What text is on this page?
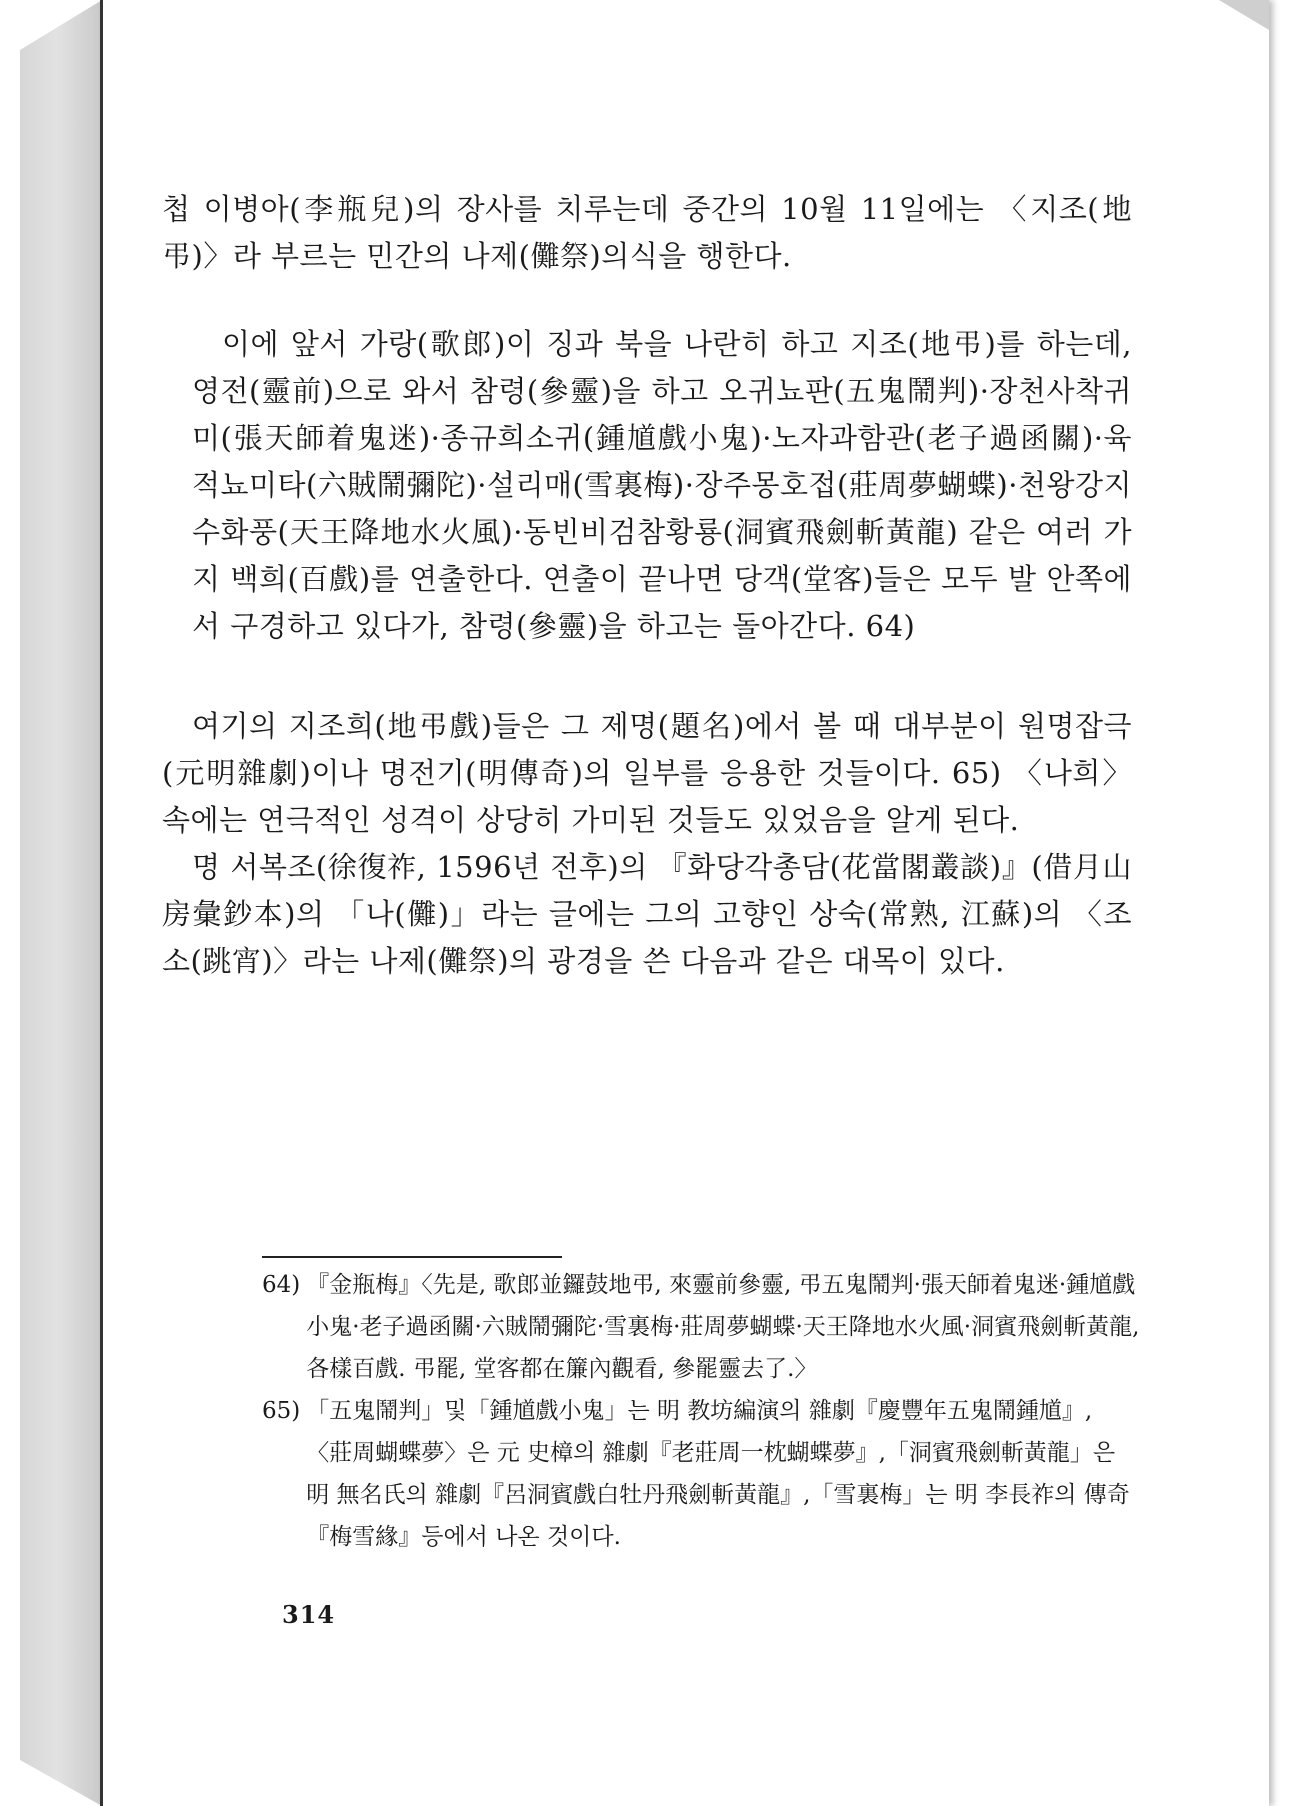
첩 이병아(李瓶兒)의 장사를 치루는데 중간의 10월 11일에는 〈지조(地弔)〉라 부르는 민간의 나제(儺祭)의식을 행한다.

이에 앞서 가랑(歌郎)이 징과 북을 나란히 하고 지조(地弔)를 하는데, 영전(靈前)으로 와서 참령(參靈)을 하고 오귀뇨판(五鬼鬧判)·장천사착귀미(張天師着鬼迷)·종규희소귀(鍾馗戲小鬼)·노자과함관(老子過函關)·육적뇨미타(六賊鬧彌陀)·설리매(雪裏梅)·장주몽호접(莊周夢蝴蝶)·천왕강지수화풍(天王降地水火風)·동빈비검참황룡(洞賓飛劍斬黃龍) 같은 여러 가지 백희(百戲)를 연출한다. 연출이 끝나면 당객(堂客)들은 모두 발 안쪽에서 구경하고 있다가, 참령(參靈)을 하고는 돌아간다. 64)

여기의 지조희(地弔戲)들은 그 제명(題名)에서 볼 때 대부분이 원명잡극(元明雜劇)이나 명전기(明傳奇)의 일부를 응용한 것들이다. 65) 〈나희〉 속에는 연극적인 성격이 상당히 가미된 것들도 있었음을 알게 된다.

명 서복조(徐復祚, 1596년 전후)의 『화당각총담(花當閣叢談)』(借月山房彙鈔本)의 「나(儺)」라는 글에는 그의 고향인 상숙(常熟, 江蘇)의 〈조소(跳宵)〉라는 나제(儺祭)의 광경을 쓴 다음과 같은 대목이 있다.

64) 『金瓶梅』〈先是, 歌郎並鑼鼓地弔, 來靈前參靈, 弔五鬼鬧判·張天師着鬼迷·鍾馗戲小鬼·老子過函關·六賊鬧彌陀·雪裏梅·莊周夢蝴蝶·天王降地水火風·洞賓飛劍斬黃龍, 各樣百戲. 弔罷, 堂客都在簾內觀看, 參罷靈去了.〉

65) 「五鬼鬧判」및「鍾馗戲小鬼」는 明 教坊編演의 雜劇『慶豐年五鬼鬧鍾馗』, 〈莊周蝴蝶夢〉은 元 史樟의 雜劇『老莊周一枕蝴蝶夢』,「洞賓飛劍斬黃龍」은 明 無名氏의 雜劇『呂洞賓戲白牡丹飛劍斬黃龍』,「雪裏梅」는 明 李長祚의 傳奇『梅雪緣』등에서 나온 것이다.

314
